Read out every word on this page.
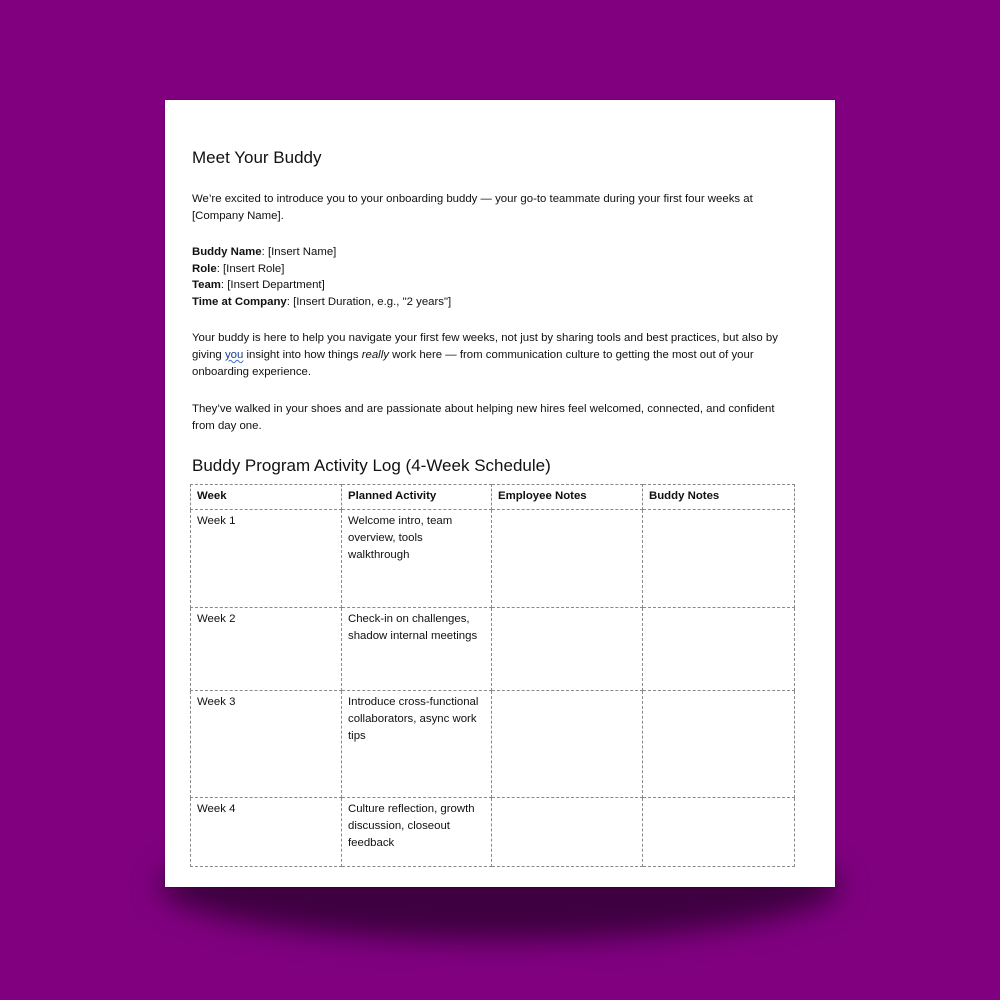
Meet Your Buddy

We’re excited to introduce you to your onboarding buddy — your go-to teammate during your first four weeks at [Company Name].

Buddy Name: [Insert Name]
Role: [Insert Role]
Team: [Insert Department]
Time at Company: [Insert Duration, e.g., "2 years"]

Your buddy is here to help you navigate your first few weeks, not just by sharing tools and best practices, but also by giving you insight into how things really work here — from communication culture to getting the most out of your onboarding experience.

They’ve walked in your shoes and are passionate about helping new hires feel welcomed, connected, and confident from day one.

Buddy Program Activity Log (4-Week Schedule)
Week	Planned Activity	Employee Notes	Buddy Notes
Week 1	Welcome intro, team overview, tools walkthrough		
Week 2	Check-in on challenges, shadow internal meetings		
Week 3	Introduce cross-functional collaborators, async work tips		
Week 4	Culture reflection, growth discussion, closeout feedback		
